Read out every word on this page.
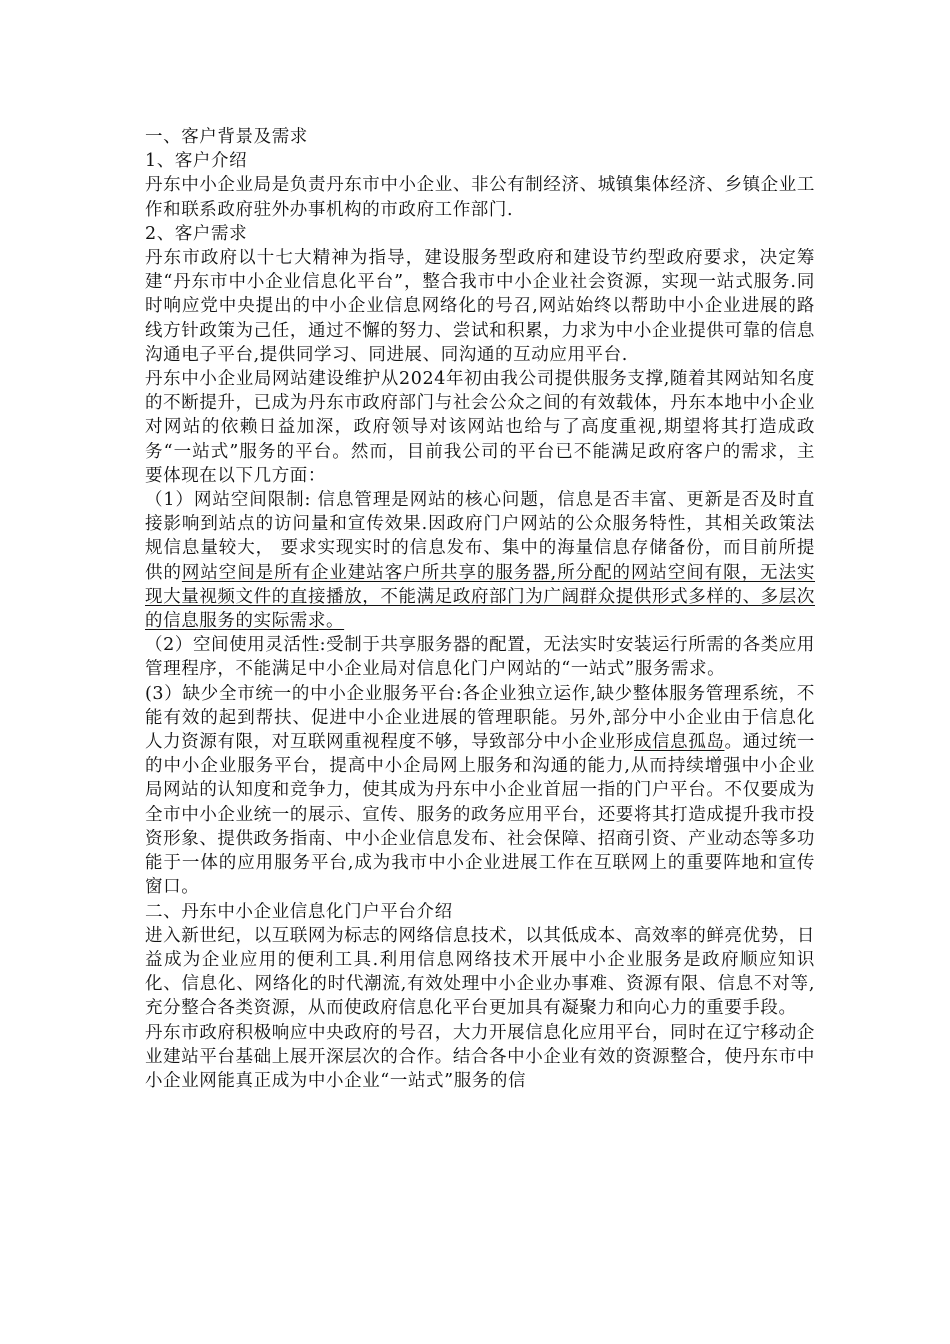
一、客户背景及需求

1、客户介绍

丹东中小企业局是负责丹东市中小企业、非公有制经济、城镇集体经济、乡镇企业工作和联系政府驻外办事机构的市政府工作部门.

2、客户需求

丹东市政府以十七大精神为指导，建设服务型政府和建设节约型政府要求，决定筹建“丹东市中小企业信息化平台”，整合我市中小企业社会资源，实现一站式服务.同时响应党中央提出的中小企业信息网络化的号召,网站始终以帮助中小企业进展的路线方针政策为己任，通过不懈的努力、尝试和积累，力求为中小企业提供可靠的信息沟通电子平台,提供同学习、同进展、同沟通的互动应用平台.

丹东中小企业局网站建设维护从2024年初由我公司提供服务支撑,随着其网站知名度的不断提升，已成为丹东市政府部门与社会公众之间的有效载体，丹东本地中小企业对网站的依赖日益加深，政府领导对该网站也给与了高度重视,期望将其打造成政务“一站式”服务的平台。然而，目前我公司的平台已不能满足政府客户的需求，主要体现在以下几方面：

（1）网站空间限制: 信息管理是网站的核心问题，信息是否丰富、更新是否及时直接影响到站点的访问量和宣传效果.因政府门户网站的公众服务特性，其相关政策法规信息量较大， 要求实现实时的信息发布、集中的海量信息存储备份，而目前所提供的网站空间是所有企业建站客户所共享的服务器,所分配的网站空间有限，无法实现大量视频文件的直接播放，不能满足政府部门为广阔群众提供形式多样的、多层次的信息服务的实际需求。

（2）空间使用灵活性:受制于共享服务器的配置，无法实时安装运行所需的各类应用管理程序，不能满足中小企业局对信息化门户网站的“一站式”服务需求。

(3）缺少全市统一的中小企业服务平台:各企业独立运作,缺少整体服务管理系统，不能有效的起到帮扶、促进中小企业进展的管理职能。另外,部分中小企业由于信息化人力资源有限，对互联网重视程度不够，导致部分中小企业形成信息孤岛。通过统一的中小企业服务平台，提高中小企局网上服务和沟通的能力,从而持续增强中小企业局网站的认知度和竞争力，使其成为丹东中小企业首屈一指的门户平台。不仅要成为全市中小企业统一的展示、宣传、服务的政务应用平台，还要将其打造成提升我市投资形象、提供政务指南、中小企业信息发布、社会保障、招商引资、产业动态等多功能于一体的应用服务平台,成为我市中小企业进展工作在互联网上的重要阵地和宣传窗口。

二、丹东中小企业信息化门户平台介绍

进入新世纪，以互联网为标志的网络信息技术，以其低成本、高效率的鲜亮优势，日益成为企业应用的便利工具.利用信息网络技术开展中小企业服务是政府顺应知识化、信息化、网络化的时代潮流,有效处理中小企业办事难、资源有限、信息不对等,充分整合各类资源，从而使政府信息化平台更加具有凝聚力和向心力的重要手段。

丹东市政府积极响应中央政府的号召，大力开展信息化应用平台，同时在辽宁移动企业建站平台基础上展开深层次的合作。结合各中小企业有效的资源整合，使丹东市中小企业网能真正成为中小企业“一站式”服务的信
